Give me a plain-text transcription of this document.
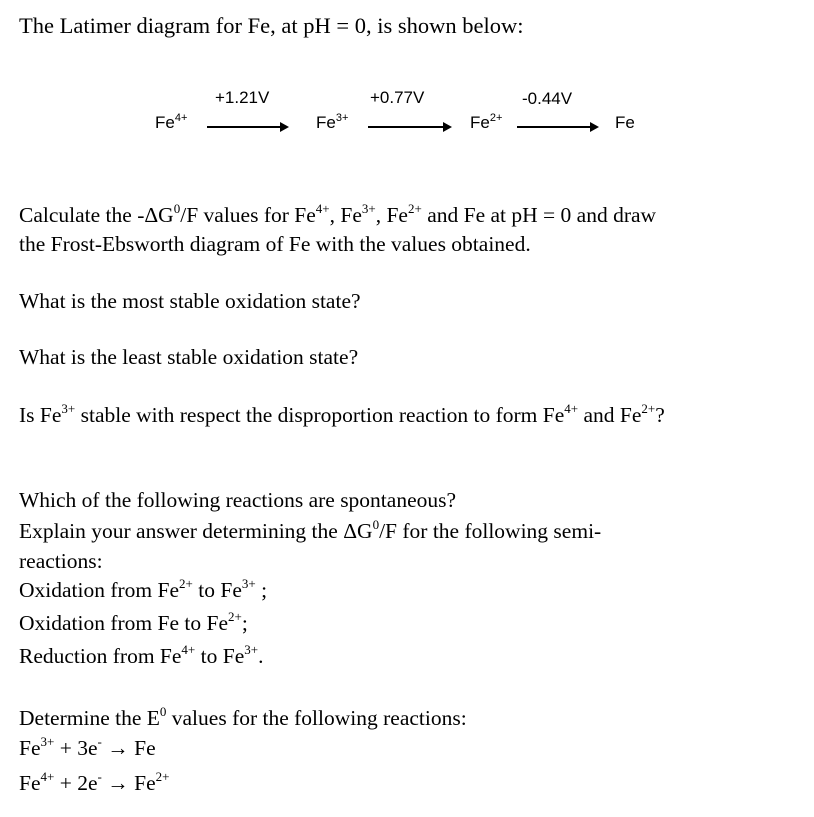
The Latimer diagram for Fe, at pH = 0, is shown below:
+1.21V	+0.77V	-0.44V
$Fe^{4+}$	$Fe^{3+}$	$Fe^{2+}$	Fe
Calculate the $-\Delta G^0/F$ values for $Fe^{4+}$, $Fe^{3+}$, $Fe^{2+}$ and Fe at pH = 0 and draw
the Frost-Ebsworth diagram of Fe with the values obtained.
What is the most stable oxidation state?
What is the least stable oxidation state?
Is $Fe^{3+}$ stable with respect the disproportion reaction to form $Fe^{4+}$ and $Fe^{2+}$?
Which of the following reactions are spontaneous?
Explain your answer determining the $\Delta G^0/F$ for the following semi-
reactions:
Oxidation from $Fe^{2+}$ to $Fe^{3+}$ ;
Oxidation from Fe to $Fe^{2+}$;
Reduction from $Fe^{4+}$ to $Fe^{3+}$.
Determine the $E^0$ values for the following reactions:
$Fe^{3+} + 3e^- \to Fe$
$Fe^{4+} + 2e^- \to Fe^{2+}$
